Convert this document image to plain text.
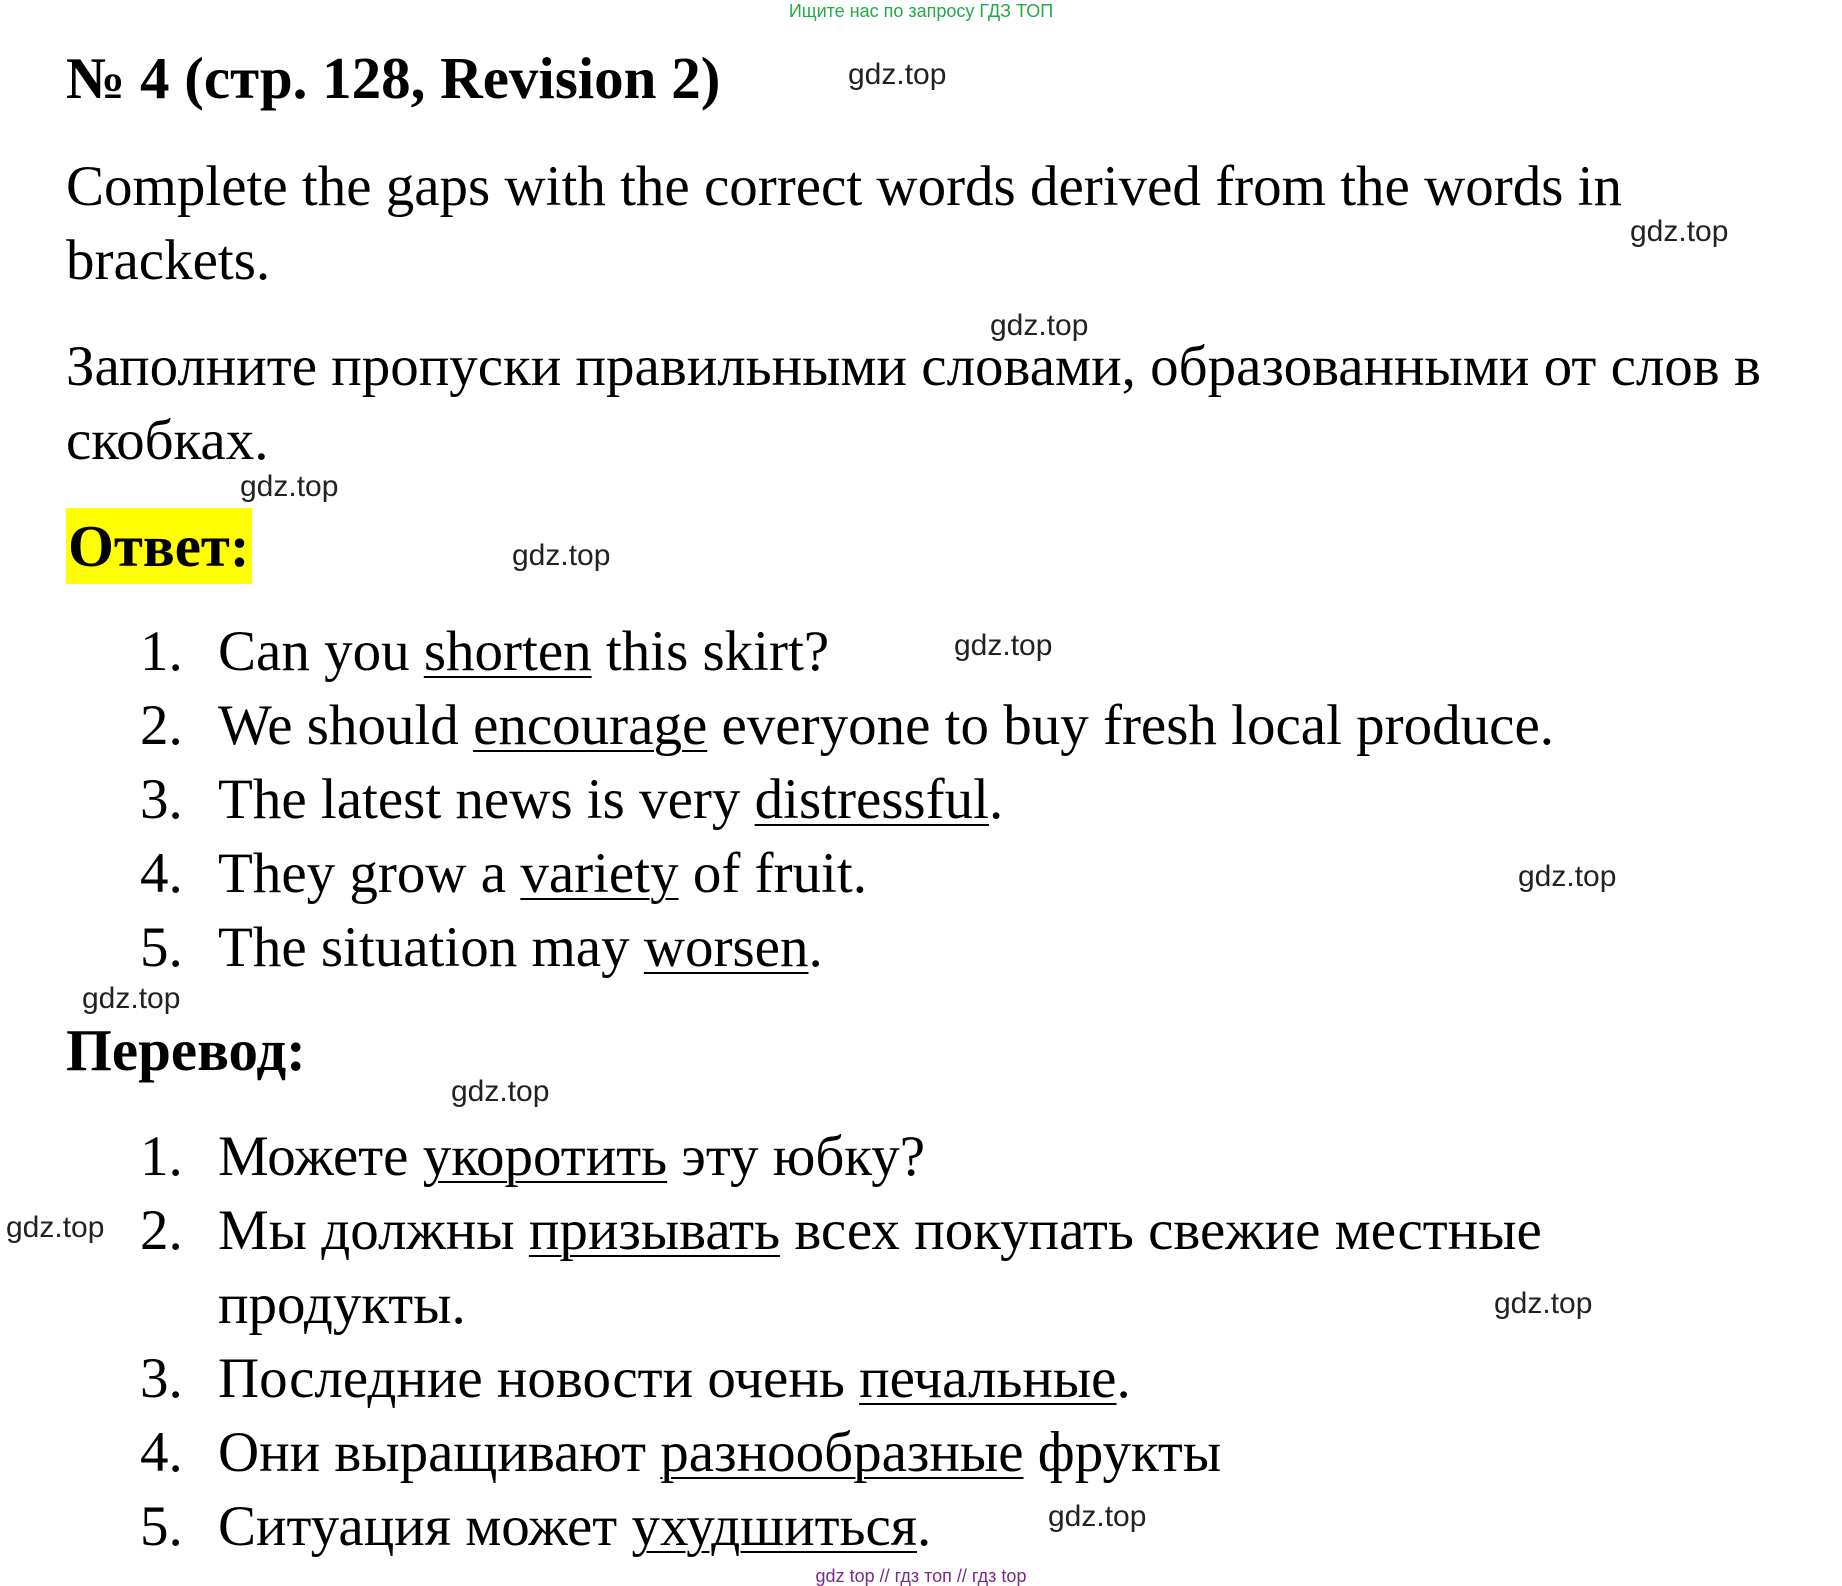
Ищите нас по запросу ГДЗ ТОП
№ 4 (стр. 128, Revision 2)
Complete the gaps with the correct words derived from the words in brackets.
Заполните пропуски правильными словами, образованными от слов в скобках.
Ответ:
1. Can you shorten this skirt?
2. We should encourage everyone to buy fresh local produce.
3. The latest news is very distressful.
4. They grow a variety of fruit.
5. The situation may worsen.
Перевод:
1. Можете укоротить эту юбку?
2. Мы должны призывать всех покупать свежие местные продукты.
3. Последние новости очень печальные.
4. Они выращивают разнообразные фрукты
5. Ситуация может ухудшиться.
gdz.top
gdz.top
gdz.top
gdz.top
gdz.top
gdz.top
gdz.top
gdz.top
gdz.top
gdz.top
gdz.top
gdz.top
gdz top // гдз топ // гдз top
